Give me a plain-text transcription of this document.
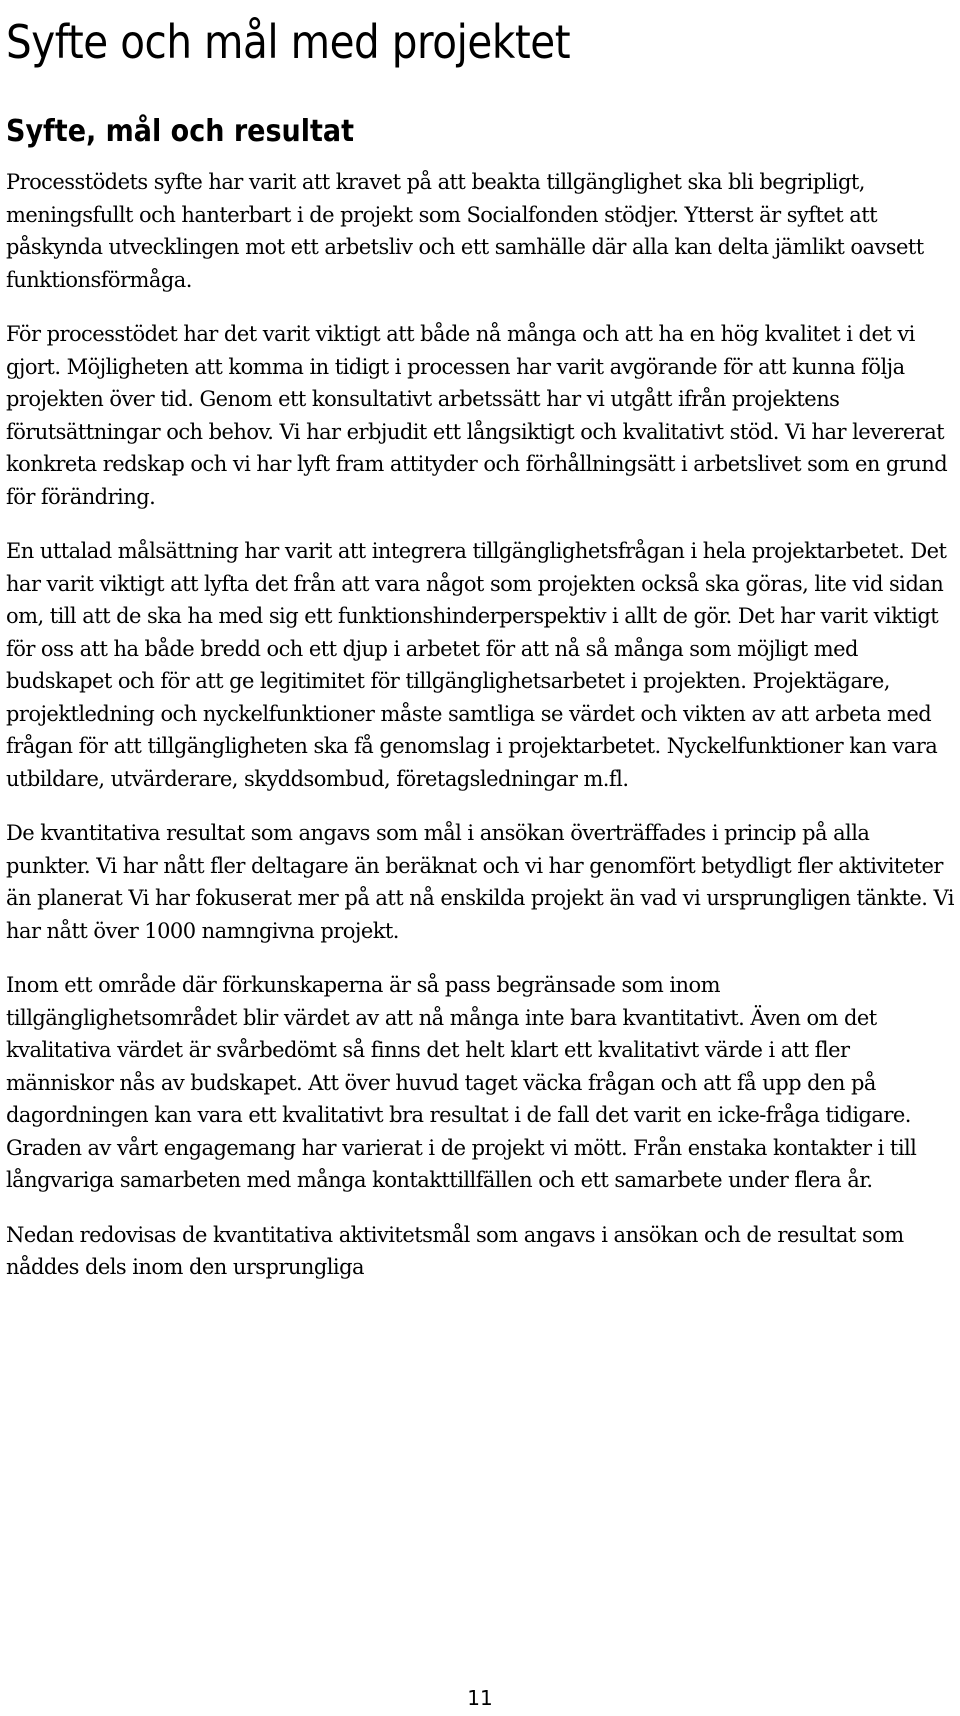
Syfte och mål med projektet
Syfte, mål och resultat

Processtödets syfte har varit att kravet på att beakta tillgänglighet ska bli begripligt, meningsfullt och hanterbart i de projekt som Socialfonden stödjer. Ytterst är syftet att påskynda utvecklingen mot ett arbetsliv och ett samhälle där alla kan delta jämlikt oavsett funktionsförmåga.

För processtödet har det varit viktigt att både nå många och att ha en hög kvalitet i det vi gjort. Möjligheten att komma in tidigt i processen har varit avgörande för att kunna följa projekten över tid. Genom ett konsultativt arbetssätt har vi utgått ifrån projektens förutsättningar och behov. Vi har erbjudit ett långsiktigt och kvalitativt stöd. Vi har levererat konkreta redskap och vi har lyft fram attityder och förhållningsätt i arbetslivet som en grund för förändring.

En uttalad målsättning har varit att integrera tillgänglighetsfrågan i hela projektarbetet. Det har varit viktigt att lyfta det från att vara något som projekten också ska göras, lite vid sidan om, till att de ska ha med sig ett funktionshinderperspektiv i allt de gör. Det har varit viktigt för oss att ha både bredd och ett djup i arbetet för att nå så många som möjligt med budskapet och för att ge legitimitet för tillgänglighetsarbetet i projekten. Projektägare, projektledning och nyckelfunktioner måste samtliga se värdet och vikten av att arbeta med frågan för att tillgängligheten ska få genomslag i projektarbetet. Nyckelfunktioner kan vara utbildare, utvärderare, skyddsombud, företagsledningar m.fl.

De kvantitativa resultat som angavs som mål i ansökan överträffades i princip på alla punkter. Vi har nått fler deltagare än beräknat och vi har genomfört betydligt fler aktiviteter än planerat Vi har fokuserat mer på att nå enskilda projekt än vad vi ursprungligen tänkte. Vi har nått över 1000 namngivna projekt.

Inom ett område där förkunskaperna är så pass begränsade som inom tillgänglighetsområdet blir värdet av att nå många inte bara kvantitativt. Även om det kvalitativa värdet är svårbedömt så finns det helt klart ett kvalitativt värde i att fler människor nås av budskapet. Att över huvud taget väcka frågan och att få upp den på dagordningen kan vara ett kvalitativt bra resultat i de fall det varit en icke-fråga tidigare. Graden av vårt engagemang har varierat i de projekt vi mött. Från enstaka kontakter i till långvariga samarbeten med många kontakttillfällen och ett samarbete under flera år.

Nedan redovisas de kvantitativa aktivitetsmål som angavs i ansökan och de resultat som nåddes dels inom den ursprungliga

11
